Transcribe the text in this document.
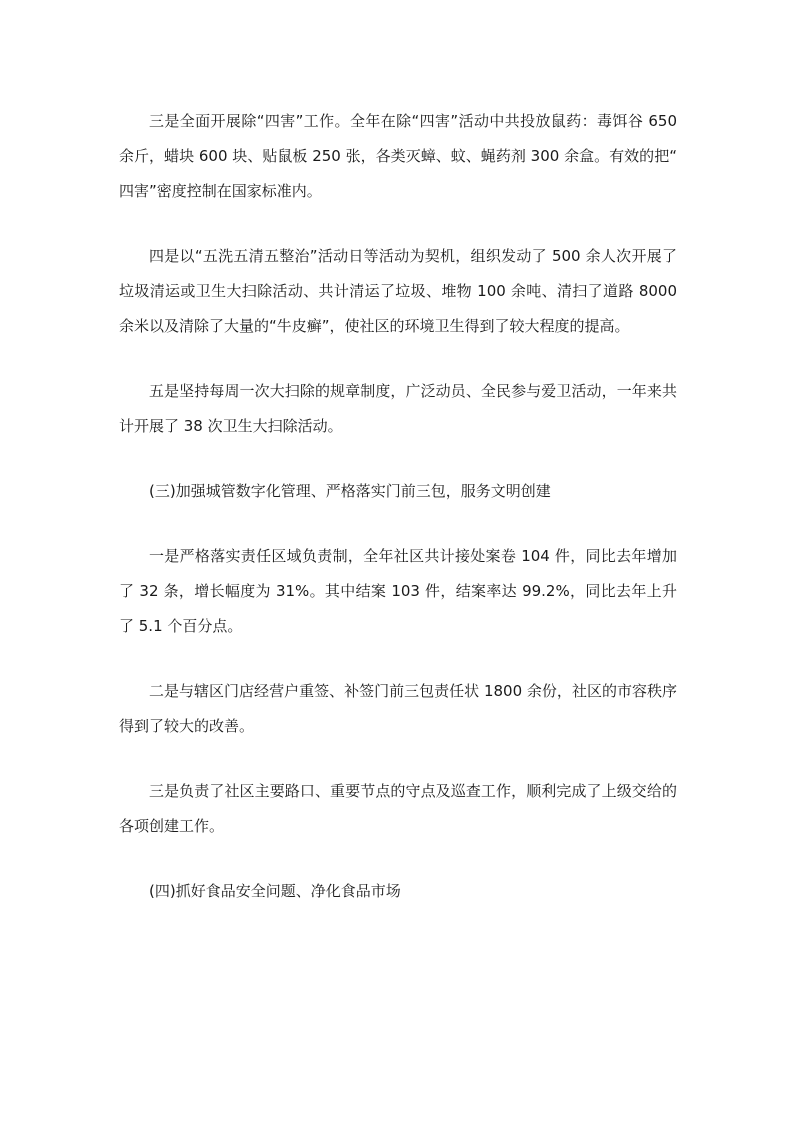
三是全面开展除“四害”工作。全年在除“四害”活动中共投放鼠药：毒饵谷 650 余斤，蜡块 600 块、贴鼠板 250 张，各类灭蟑、蚊、蝇药剂 300 余盒。有效的把“四害”密度控制在国家标准内。

四是以“五洗五清五整治”活动日等活动为契机，组织发动了 500 余人次开展了垃圾清运或卫生大扫除活动、共计清运了垃圾、堆物 100 余吨、清扫了道路 8000 余米以及清除了大量的“牛皮癣”，使社区的环境卫生得到了较大程度的提高。

五是坚持每周一次大扫除的规章制度，广泛动员、全民参与爱卫活动，一年来共计开展了 38 次卫生大扫除活动。

(三)加强城管数字化管理、严格落实门前三包，服务文明创建

一是严格落实责任区域负责制，全年社区共计接处案卷 104 件，同比去年增加了 32 条，增长幅度为 31%。其中结案 103 件，结案率达 99.2%，同比去年上升了 5.1 个百分点。

二是与辖区门店经营户重签、补签门前三包责任状 1800 余份，社区的市容秩序得到了较大的改善。

三是负责了社区主要路口、重要节点的守点及巡查工作，顺利完成了上级交给的各项创建工作。

(四)抓好食品安全问题、净化食品市场
